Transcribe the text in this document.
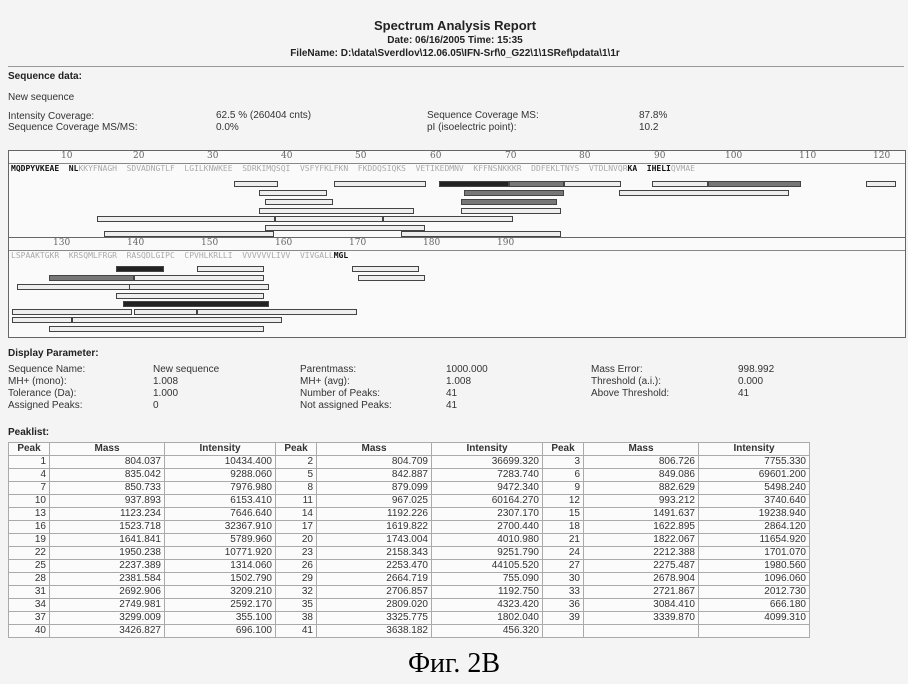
Spectrum Analysis Report
Date: 06/16/2005 Time: 15:35
FileName: D:\data\Sverdlov\12.06.05\IFN-Srf\0_G22\1\1SRef\pdata\1\1r
Sequence data:
New sequence
Intensity Coverage:	62.5 % (260404 cnts)
Sequence Coverage MS/MS:	0.0%
Sequence Coverage MS:	87.8%
pI (isoelectric point):	10.2
10	20	30	40	50	60	70	80	90	100	110	120
MQDPYVKEAE  NLKKYFNAGH  SDVADNGTLF  LGILKNWKEE  SDRKIMQSQI  VSFYFKLFKN  FKDDQSIQKS  VETIKEDMNV  KFFNSNKKKR  DDFEKLTNYS  VTDLNVQRKA  IHELIQVMAE
130	140	150	160	170	180	190
LSPAAKTGKR  KRSQMLFRGR  RASQDLGIPC  CPVHLKRLLI  VVVVVVLIVV  VIVGALLMGL
Display Parameter:
Sequence Name:	New sequence	Parentmass:	1000.000	Mass Error:	998.992
MH+ (mono):	1.008	MH+ (avg):	1.008	Threshold (a.i.):	0.000
Tolerance (Da):	1.000	Number of Peaks:	41	Above Threshold:	41
Assigned Peaks:	0	Not assigned Peaks:	41
Peaklist:
Peak	Mass	Intensity	Peak	Mass	Intensity	Peak	Mass	Intensity
1	804.037	10434.400	2	804.709	36699.320	3	806.726	7755.330
4	835.042	9288.060	5	842.887	7283.740	6	849.086	69601.200
7	850.733	7976.980	8	879.099	9472.340	9	882.629	5498.240
10	937.893	6153.410	11	967.025	60164.270	12	993.212	3740.640
13	1123.234	7646.640	14	1192.226	2307.170	15	1491.637	19238.940
16	1523.718	32367.910	17	1619.822	2700.440	18	1622.895	2864.120
19	1641.841	5789.960	20	1743.004	4010.980	21	1822.067	11654.920
22	1950.238	10771.920	23	2158.343	9251.790	24	2212.388	1701.070
25	2237.389	1314.060	26	2253.470	44105.520	27	2275.487	1980.560
28	2381.584	1502.790	29	2664.719	755.090	30	2678.904	1096.060
31	2692.906	3209.210	32	2706.857	1192.750	33	2721.867	2012.730
34	2749.981	2592.170	35	2809.020	4323.420	36	3084.410	666.180
37	3299.009	355.100	38	3325.775	1802.040	39	3339.870	4099.310
40	3426.827	696.100	41	3638.182	456.320			
Фиг. 2B
